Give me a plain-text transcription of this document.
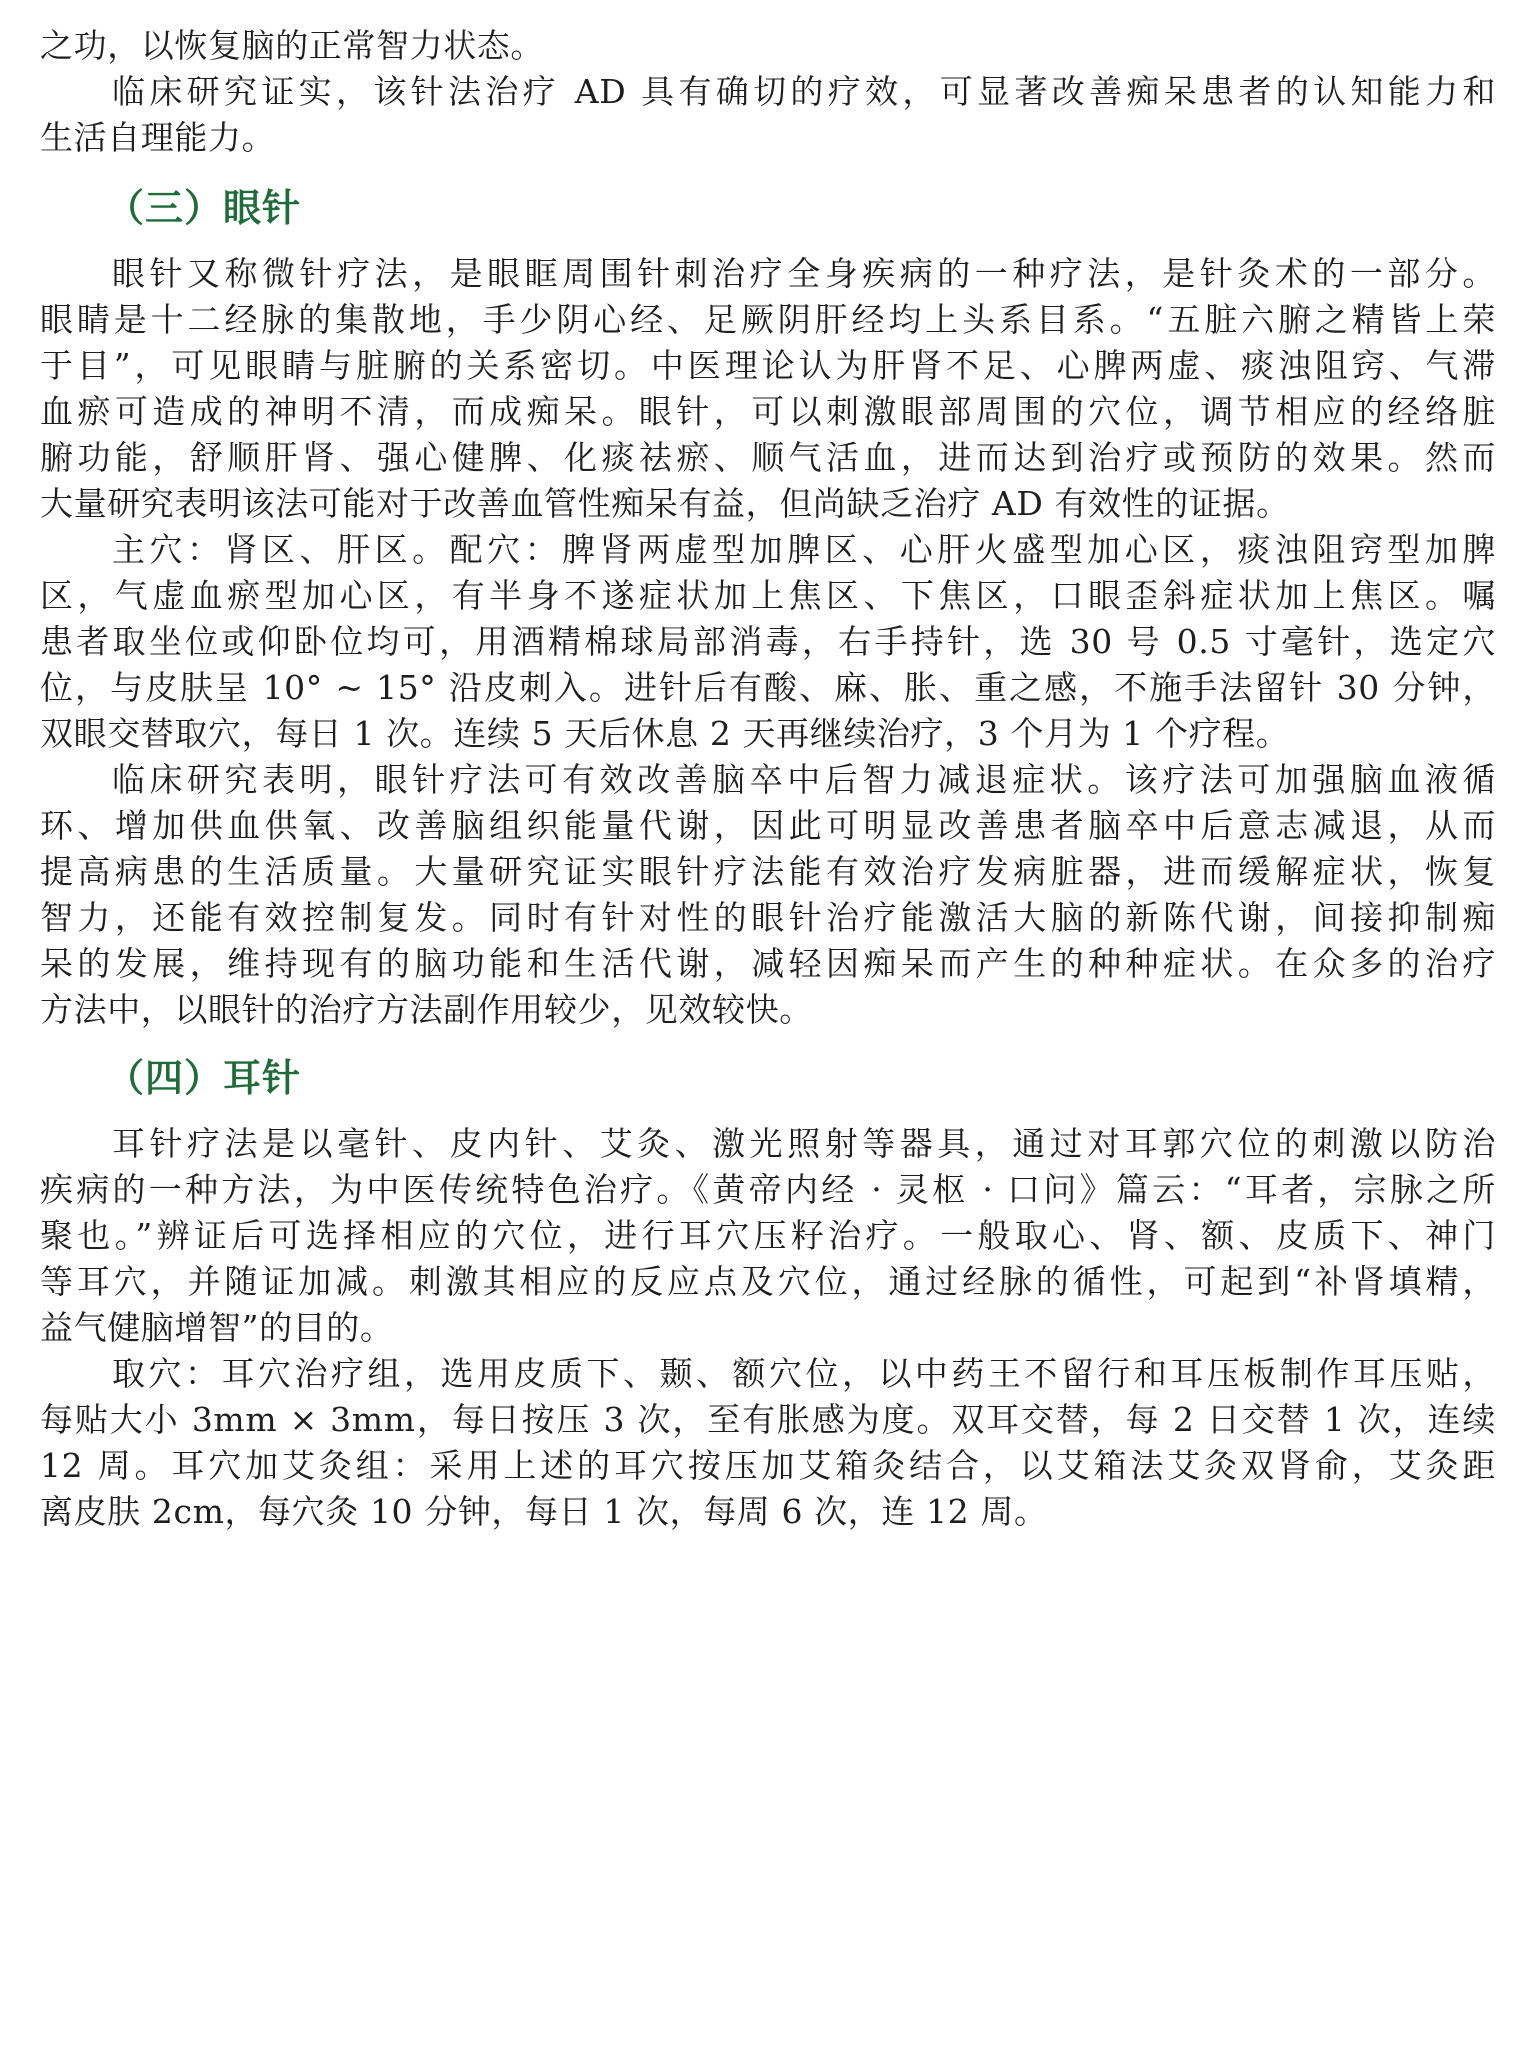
之功，以恢复脑的正常智力状态。
临床研究证实，该针法治疗 AD 具有确切的疗效，可显著改善痴呆患者的认知能力和
生活自理能力。
（三）眼针
眼针又称微针疗法，是眼眶周围针刺治疗全身疾病的一种疗法，是针灸术的一部分。
眼睛是十二经脉的集散地，手少阴心经、足厥阴肝经均上头系目系。“五脏六腑之精皆上荣
于目”，可见眼睛与脏腑的关系密切。中医理论认为肝肾不足、心脾两虚、痰浊阻窍、气滞
血瘀可造成的神明不清，而成痴呆。眼针，可以刺激眼部周围的穴位，调节相应的经络脏
腑功能，舒顺肝肾、强心健脾、化痰祛瘀、顺气活血，进而达到治疗或预防的效果。然而
大量研究表明该法可能对于改善血管性痴呆有益，但尚缺乏治疗 AD 有效性的证据。
主穴：肾区、肝区。配穴：脾肾两虚型加脾区、心肝火盛型加心区，痰浊阻窍型加脾
区，气虚血瘀型加心区，有半身不遂症状加上焦区、下焦区，口眼歪斜症状加上焦区。嘱
患者取坐位或仰卧位均可，用酒精棉球局部消毒，右手持针，选 30 号 0.5 寸毫针，选定穴
位，与皮肤呈 10° ~ 15° 沿皮刺入。进针后有酸、麻、胀、重之感，不施手法留针 30 分钟，
双眼交替取穴，每日 1 次。连续 5 天后休息 2 天再继续治疗，3 个月为 1 个疗程。
临床研究表明，眼针疗法可有效改善脑卒中后智力减退症状。该疗法可加强脑血液循
环、增加供血供氧、改善脑组织能量代谢，因此可明显改善患者脑卒中后意志减退，从而
提高病患的生活质量。大量研究证实眼针疗法能有效治疗发病脏器，进而缓解症状，恢复
智力，还能有效控制复发。同时有针对性的眼针治疗能激活大脑的新陈代谢，间接抑制痴
呆的发展，维持现有的脑功能和生活代谢，减轻因痴呆而产生的种种症状。在众多的治疗
方法中，以眼针的治疗方法副作用较少，见效较快。
（四）耳针
耳针疗法是以毫针、皮内针、艾灸、激光照射等器具，通过对耳郭穴位的刺激以防治
疾病的一种方法，为中医传统特色治疗。《黄帝内经 · 灵枢 · 口问》篇云：“耳者，宗脉之所
聚也。”辨证后可选择相应的穴位，进行耳穴压籽治疗。一般取心、肾、额、皮质下、神门
等耳穴，并随证加减。刺激其相应的反应点及穴位，通过经脉的循性，可起到“补肾填精，
益气健脑增智”的目的。
取穴：耳穴治疗组，选用皮质下、颞、额穴位，以中药王不留行和耳压板制作耳压贴，
每贴大小 3mm × 3mm，每日按压 3 次，至有胀感为度。双耳交替，每 2 日交替 1 次，连续
12 周。耳穴加艾灸组：采用上述的耳穴按压加艾箱灸结合，以艾箱法艾灸双肾俞，艾灸距
离皮肤 2cm，每穴灸 10 分钟，每日 1 次，每周 6 次，连 12 周。
